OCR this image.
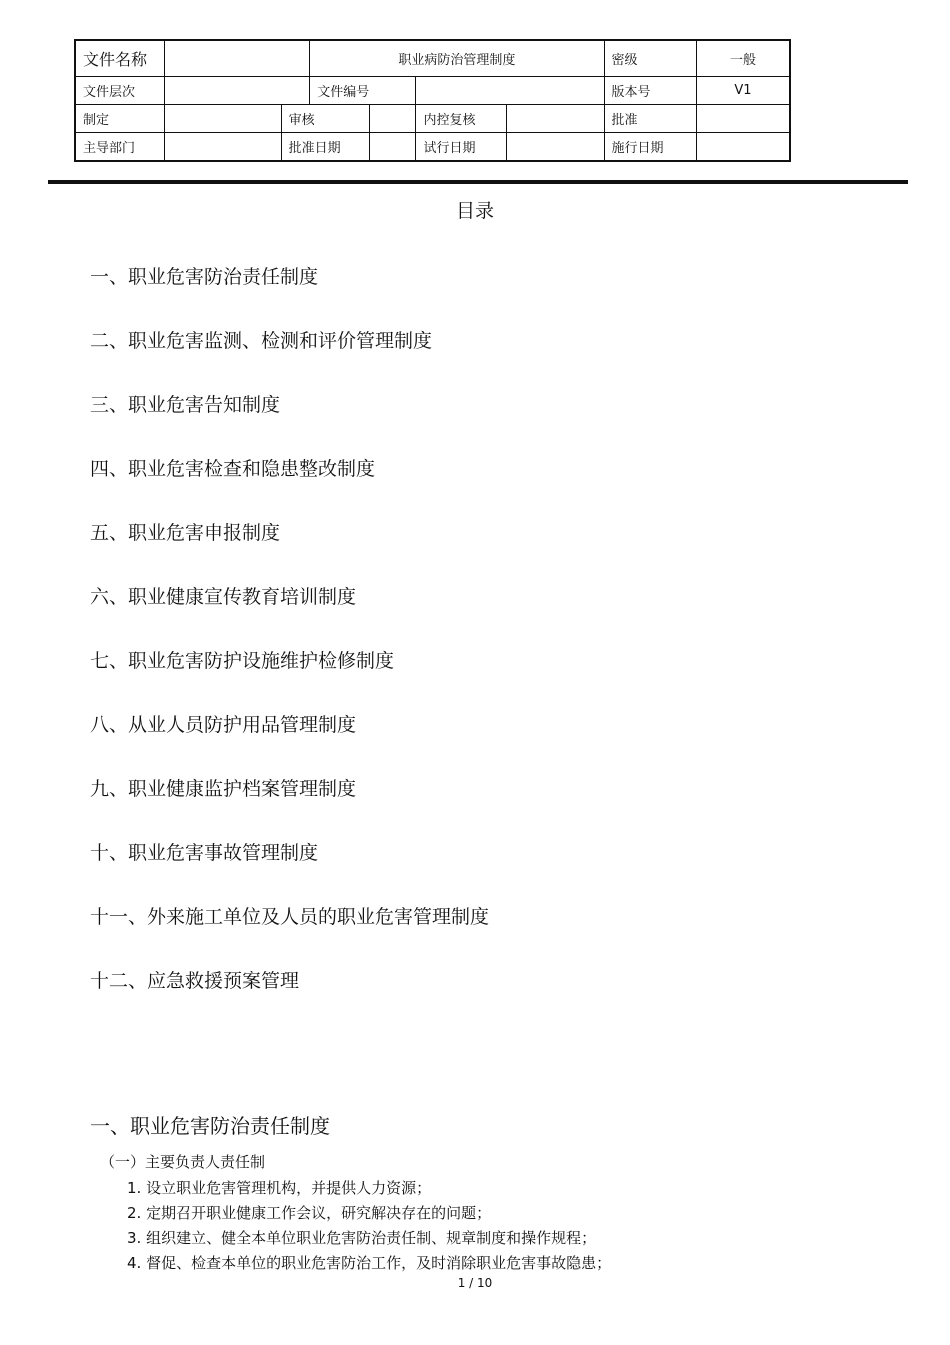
文件名称			职业病防治管理制度				密级	一般
文件层次			文件编号				版本号	V1
制定		审核			内控复核		批准	
主导部门		批准日期			试行日期		施行日期	
目录
一、职业危害防治责任制度
二、职业危害监测、检测和评价管理制度
三、职业危害告知制度
四、职业危害检查和隐患整改制度
五、职业危害申报制度
六、职业健康宣传教育培训制度
七、职业危害防护设施维护检修制度
八、从业人员防护用品管理制度
九、职业健康监护档案管理制度
十、职业危害事故管理制度
十一、外来施工单位及人员的职业危害管理制度
十二、应急救援预案管理
一、职业危害防治责任制度
（一）主要负责人责任制
1. 设立职业危害管理机构，并提供人力资源；
2. 定期召开职业健康工作会议，研究解决存在的问题；
3. 组织建立、健全本单位职业危害防治责任制、规章制度和操作规程；
4. 督促、检查本单位的职业危害防治工作，及时消除职业危害事故隐患；
1 / 10
